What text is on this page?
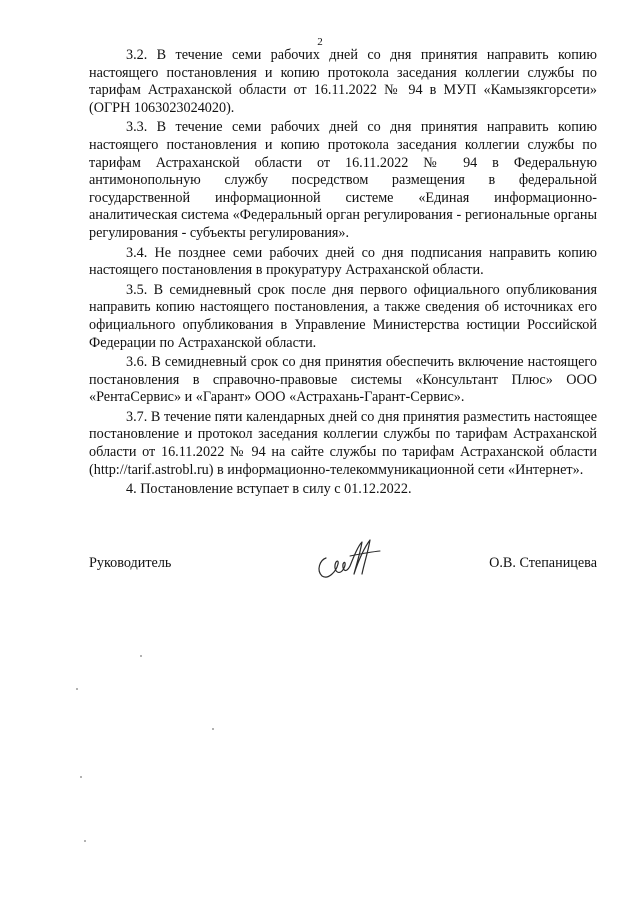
2

3.2. В течение семи рабочих дней со дня принятия направить копию настоящего постановления и копию протокола заседания коллегии службы по тарифам Астраханской области от 16.11.2022 № 94 в МУП «Камызякгорсети» (ОГРН 1063023024020).

3.3. В течение семи рабочих дней со дня принятия направить копию настоящего постановления и копию протокола заседания коллегии службы по тарифам Астраханской области от 16.11.2022 № 94 в Федеральную антимонопольную службу посредством размещения в федеральной государственной информационной системе «Единая информационно-аналитическая система «Федеральный орган регулирования - региональные органы регулирования - субъекты регулирования».

3.4. Не позднее семи рабочих дней со дня подписания направить копию настоящего постановления в прокуратуру Астраханской области.

3.5. В семидневный срок после дня первого официального опубликования направить копию настоящего постановления, а также сведения об источниках его официального опубликования в Управление Министерства юстиции Российской Федерации по Астраханской области.

3.6. В семидневный срок со дня принятия обеспечить включение настоящего постановления в справочно-правовые системы «Консультант Плюс» ООО «РентаСервис» и «Гарант» ООО «Астрахань-Гарант-Сервис».

3.7. В течение пяти календарных дней со дня принятия разместить настоящее постановление и протокол заседания коллегии службы по тарифам Астраханской области от 16.11.2022 № 94 на сайте службы по тарифам Астраханской области (http://tarif.astrobl.ru) в информационно-телекоммуникационной сети «Интернет».

4. Постановление вступает в силу с 01.12.2022.

Руководитель	О.В. Степаницева
